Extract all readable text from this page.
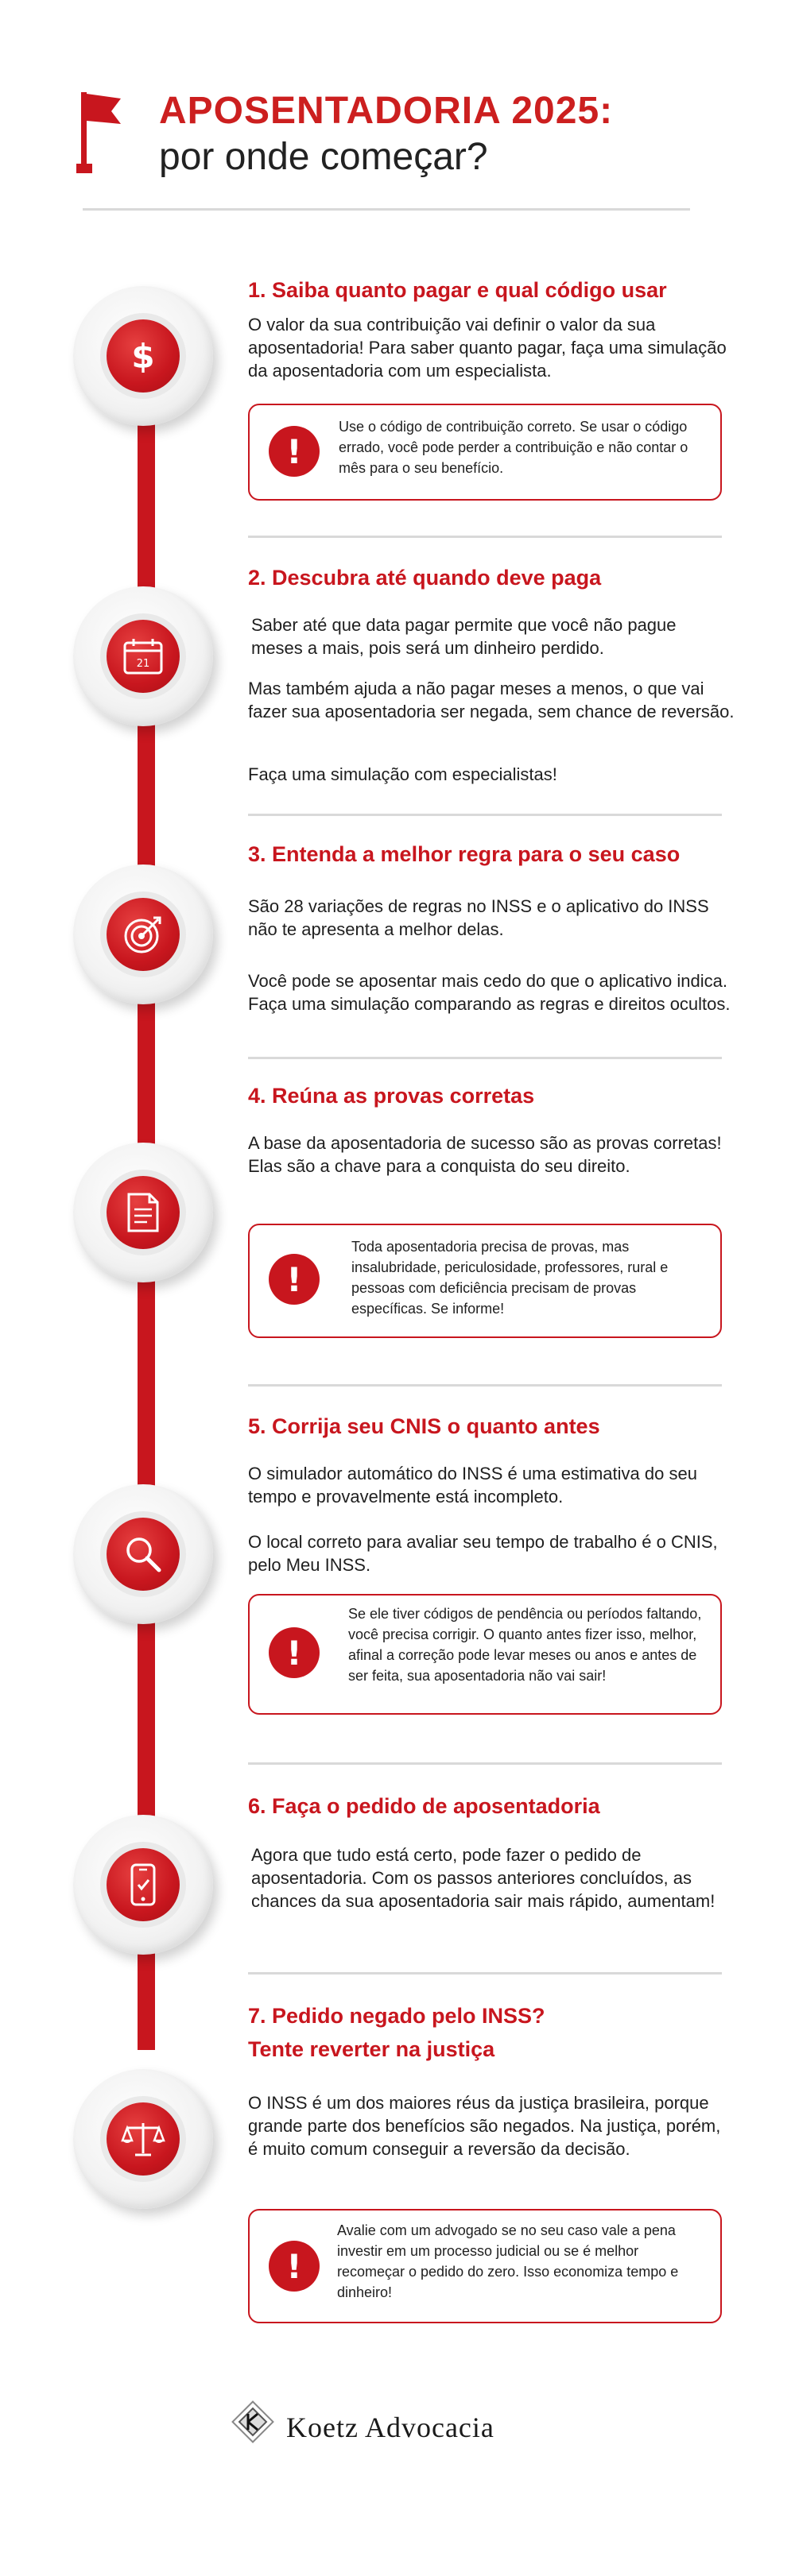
APOSENTADORIA 2025:
por onde começar?
$
21
1. Saiba quanto pagar e qual código usar
O valor da sua contribuição vai definir o valor da sua aposentadoria! Para saber quanto pagar, faça uma simulação da aposentadoria com um especialista.
!
Use o código de contribuição correto. Se usar o código errado, você pode perder a contribuição e não contar o mês para o seu benefício.
2. Descubra até quando deve paga
Saber até que data pagar permite que você não pague meses a mais, pois será um dinheiro perdido.
Mas também ajuda a não pagar meses a menos, o que vai fazer sua aposentadoria ser negada, sem chance de reversão.
Faça uma simulação com especialistas!
3. Entenda a melhor regra para o seu caso
São 28 variações de regras no INSS e o aplicativo do INSS não te apresenta a melhor delas.
Você pode se aposentar mais cedo do que o aplicativo indica. Faça uma simulação comparando as regras e direitos ocultos.
4. Reúna as provas corretas
A base da aposentadoria de sucesso são as provas corretas! Elas são a chave para a conquista do seu direito.
!
Toda aposentadoria precisa de provas, mas insalubridade, periculosidade, professores, rural e pessoas com deficiência precisam de provas específicas. Se informe!
5. Corrija seu CNIS o quanto antes
O simulador automático do INSS é uma estimativa do seu tempo e provavelmente está incompleto.
O local correto para avaliar seu tempo de trabalho é o CNIS, pelo Meu INSS.
!
Se ele tiver códigos de pendência ou períodos faltando, você precisa corrigir. O quanto antes fizer isso, melhor, afinal a correção pode levar meses ou anos e antes de ser feita, sua aposentadoria não vai sair!
6. Faça o pedido de aposentadoria
Agora que tudo está certo, pode fazer o pedido de aposentadoria. Com os passos anteriores concluídos, as chances da sua aposentadoria sair mais rápido, aumentam!
7. Pedido negado pelo INSS?
Tente reverter na justiça
O INSS é um dos maiores réus da justiça brasileira, porque grande parte dos benefícios são negados. Na justiça, porém, é muito comum conseguir a reversão da decisão.
!
Avalie com um advogado se no seu caso vale a pena investir em um processo judicial ou se é melhor recomeçar o pedido do zero. Isso economiza tempo e dinheiro!
Koetz Advocacia
